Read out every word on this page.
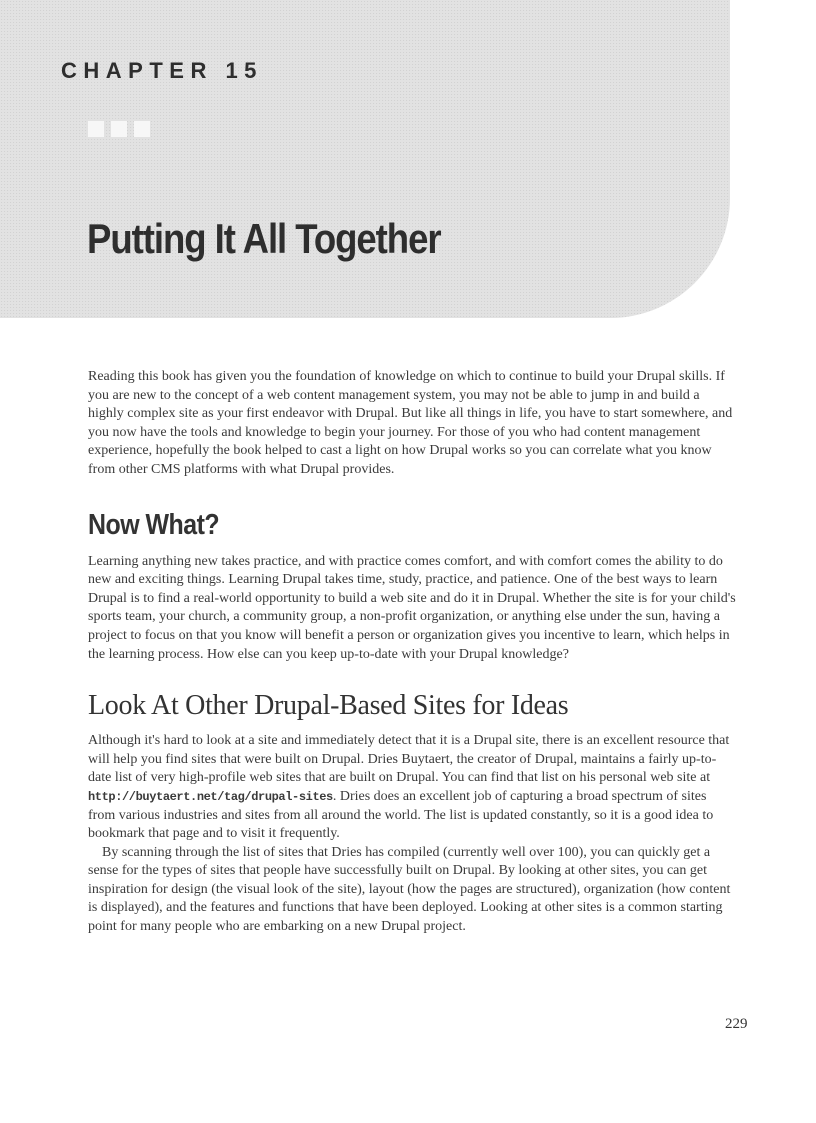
CHAPTER 15
Putting It All Together

Reading this book has given you the foundation of knowledge on which to continue to build your Drupal skills. If you are new to the concept of a web content management system, you may not be able to jump in and build a highly complex site as your first endeavor with Drupal. But like all things in life, you have to start somewhere, and you now have the tools and knowledge to begin your journey. For those of you who had content management experience, hopefully the book helped to cast a light on how Drupal works so you can correlate what you know from other CMS platforms with what Drupal provides.

Now What?

Learning anything new takes practice, and with practice comes comfort, and with comfort comes the ability to do new and exciting things. Learning Drupal takes time, study, practice, and patience. One of the best ways to learn Drupal is to find a real-world opportunity to build a web site and do it in Drupal. Whether the site is for your child's sports team, your church, a community group, a non-profit organization, or anything else under the sun, having a project to focus on that you know will benefit a person or organization gives you incentive to learn, which helps in the learning process. How else can you keep up-to-date with your Drupal knowledge?

Look At Other Drupal-Based Sites for Ideas

Although it's hard to look at a site and immediately detect that it is a Drupal site, there is an excellent resource that will help you find sites that were built on Drupal. Dries Buytaert, the creator of Drupal, maintains a fairly up-to-date list of very high-profile web sites that are built on Drupal. You can find that list on his personal web site at http://buytaert.net/tag/drupal-sites. Dries does an excellent job of capturing a broad spectrum of sites from various industries and sites from all around the world. The list is updated constantly, so it is a good idea to bookmark that page and to visit it frequently.

By scanning through the list of sites that Dries has compiled (currently well over 100), you can quickly get a sense for the types of sites that people have successfully built on Drupal. By looking at other sites, you can get inspiration for design (the visual look of the site), layout (how the pages are structured), organization (how content is displayed), and the features and functions that have been deployed. Looking at other sites is a common starting point for many people who are embarking on a new Drupal project.

229
